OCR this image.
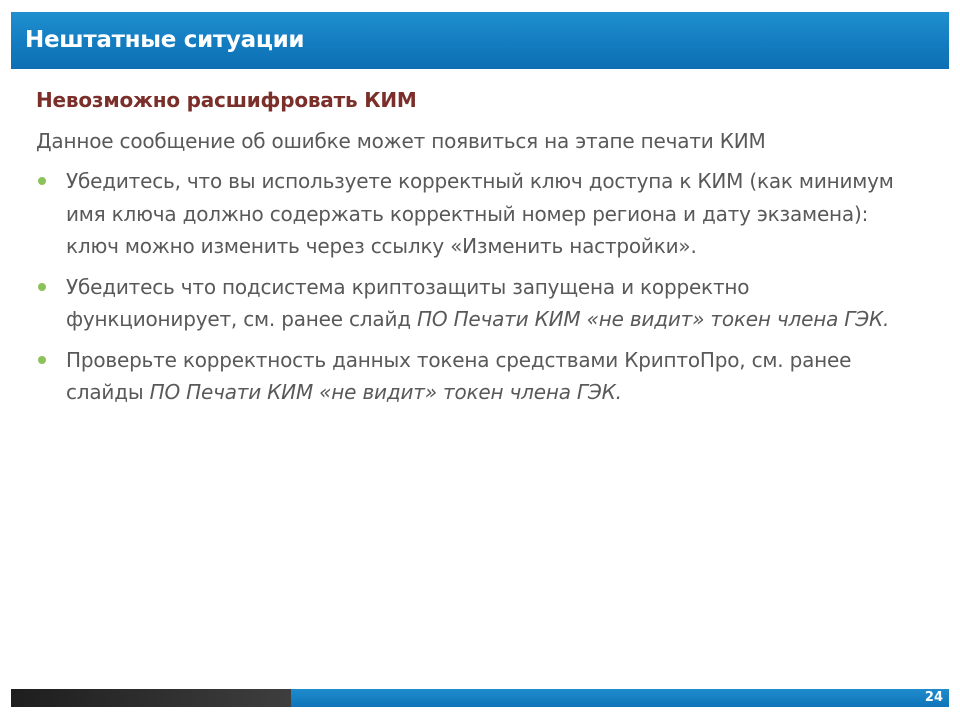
Нештатные ситуации

Невозможно расшифровать КИМ

Данное сообщение об ошибке может появиться на этапе печати КИМ

Убедитесь, что вы используете корректный ключ доступа к КИМ (как минимум имя ключа должно содержать корректный номер региона и дату экзамена): ключ можно изменить через ссылку «Изменить настройки».
Убедитесь что подсистема криптозащиты запущена и корректно функционирует, см. ранее слайд ПО Печати КИМ «не видит» токен члена ГЭК.
Проверьте корректность данных токена средствами КриптоПро, см. ранее слайды ПО Печати КИМ «не видит» токен члена ГЭК.
24
